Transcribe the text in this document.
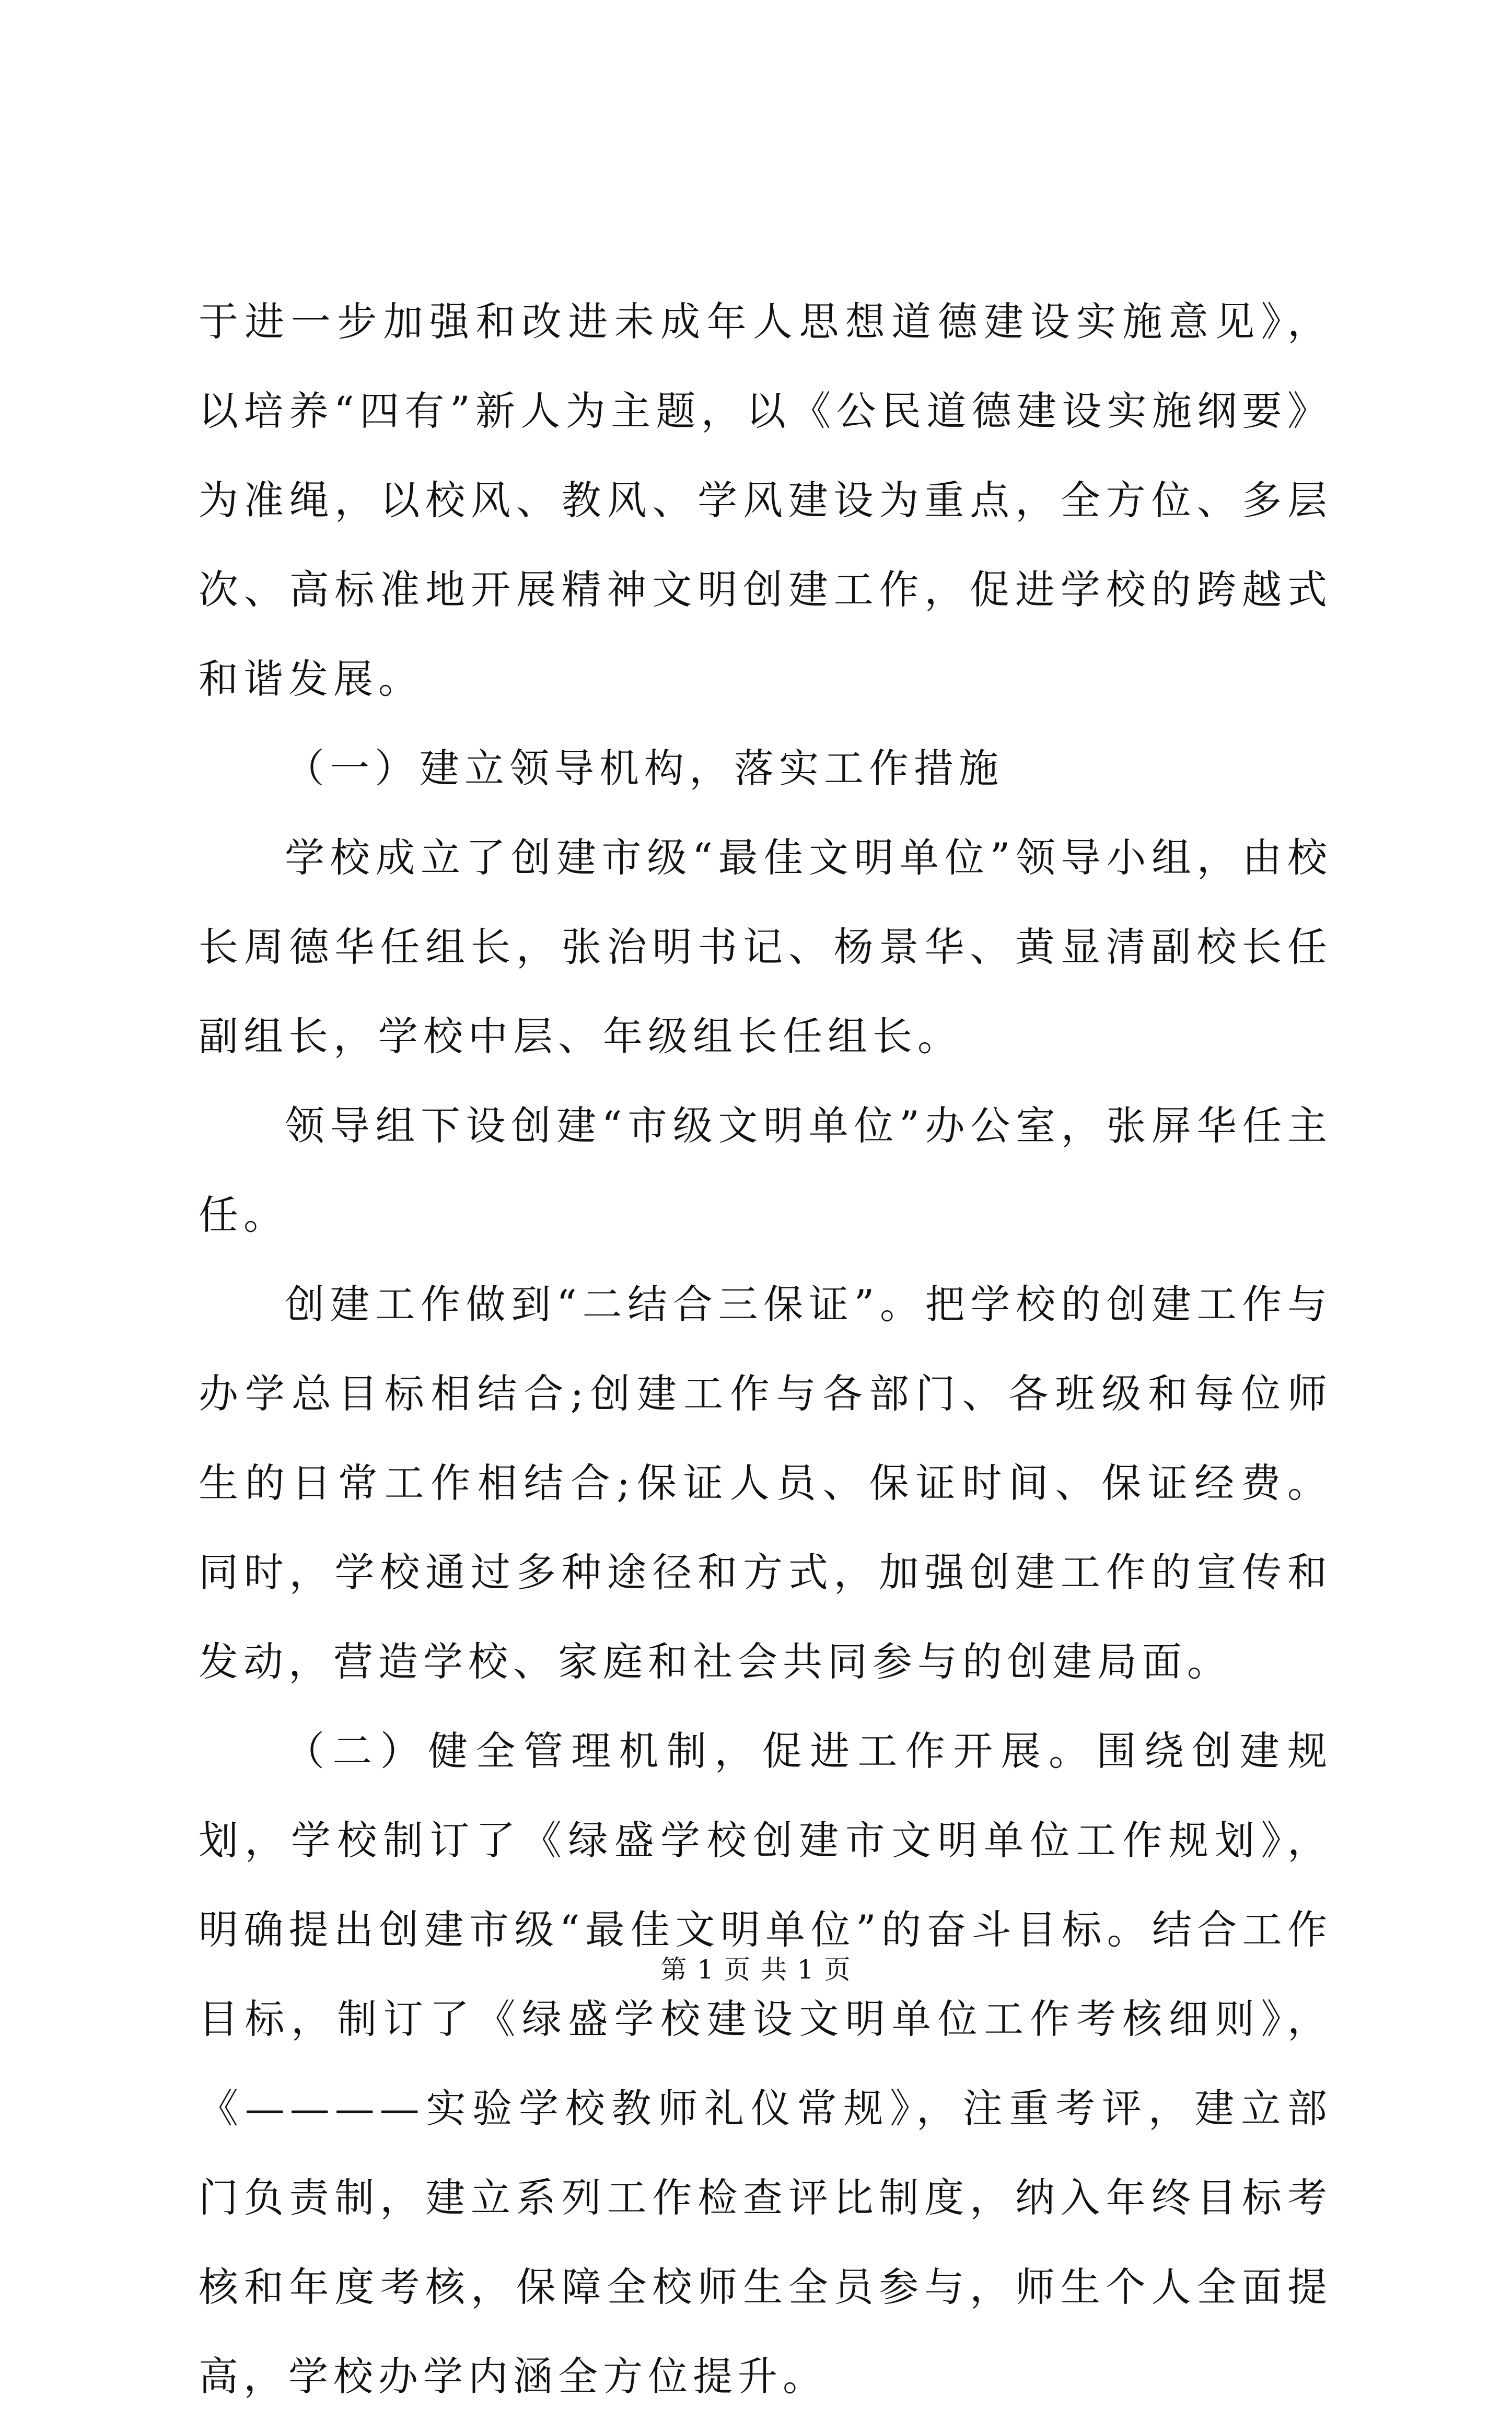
于进一步加强和改进未成年人思想道德建设实施意见》，以培养“四有”新人为主题，以《公民道德建设实施纲要》为准绳，以校风、教风、学风建设为重点，全方位、多层次、高标准地开展精神文明创建工作，促进学校的跨越式和谐发展。

（一）建立领导机构，落实工作措施

学校成立了创建市级“最佳文明单位”领导小组，由校长周德华任组长，张治明书记、杨景华、黄显清副校长任副组长，学校中层、年级组长任组长。

领导组下设创建“市级文明单位”办公室，张屏华任主任。

创建工作做到“二结合三保证”。把学校的创建工作与办学总目标相结合;创建工作与各部门、各班级和每位师生的日常工作相结合;保证人员、保证时间、保证经费。同时，学校通过多种途径和方式，加强创建工作的宣传和发动，营造学校、家庭和社会共同参与的创建局面。

（二）健全管理机制，促进工作开展。围绕创建规划，学校制订了《绿盛学校创建市文明单位工作规划》，明确提出创建市级“最佳文明单位”的奋斗目标。结合工作目标，制订了《绿盛学校建设文明单位工作考核细则》，《————实验学校教师礼仪常规》，注重考评，建立部门负责制，建立系列工作检查评比制度，纳入年终目标考核和年度考核，保障全校师生全员参与，师生个人全面提高，学校办学内涵全方位提升。

第 1 页 共 1 页
